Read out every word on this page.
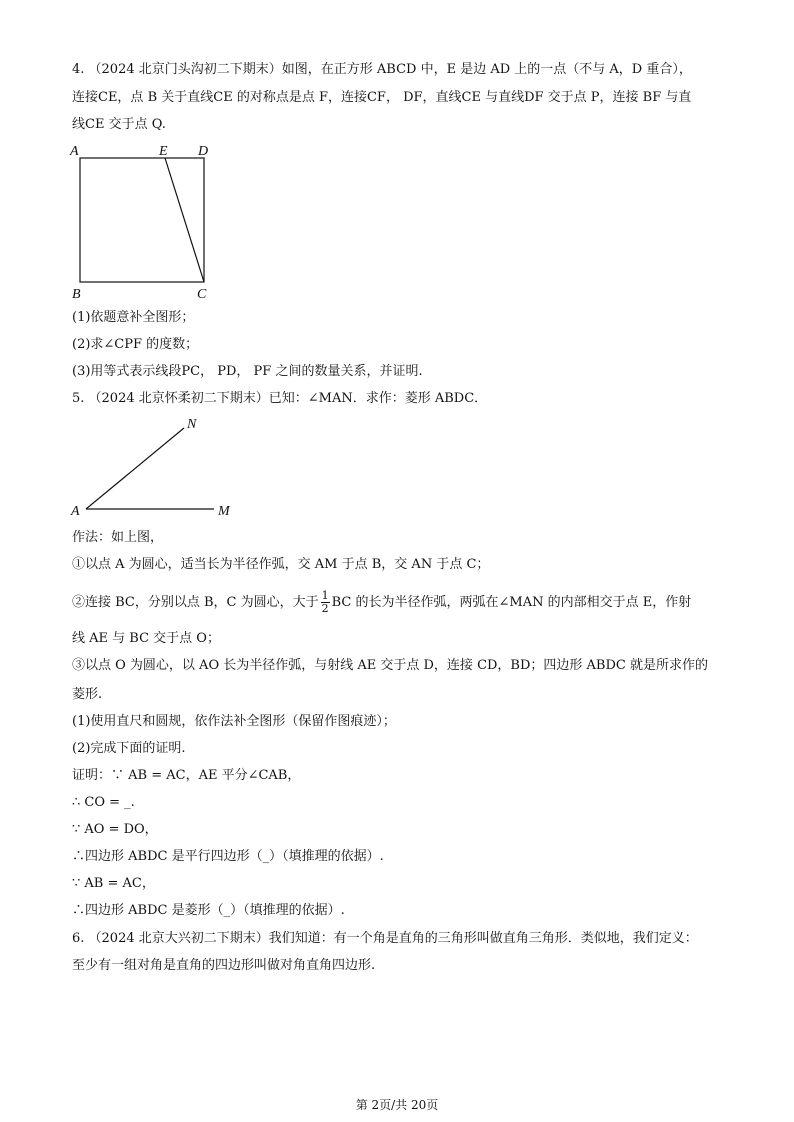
4. （2024 北京门头沟初二下期末）如图，在正方形 ABCD 中，E 是边 AD 上的一点（不与 A，D 重合），
连接CE，点 B 关于直线CE 的对称点是点 F，连接CF， DF，直线CE 与直线DF 交于点 P，连接 BF 与直
线CE 交于点 Q.
A	E D
B	C
(1)依题意补全图形；
(2)求∠CPF 的度数；
(3)用等式表示线段PC， PD， PF 之间的数量关系，并证明.
5. （2024 北京怀柔初二下期末）已知：∠MAN．求作：菱形 ABDC．
N
A	M
作法：如上图，
①以点 A 为圆心，适当长为半径作弧，交 AM 于点 B，交 AN 于点 C；
②连接 BC，分别以点 B，C 为圆心，大于 $\frac{1}{2}$ BC 的长为半径作弧，两弧在∠MAN 的内部相交于点 E，作射
线 AE 与 BC 交于点 O；
③以点 O 为圆心，以 AO 长为半径作弧，与射线 AE 交于点 D，连接 CD，BD；四边形 ABDC 就是所求作的
菱形.
(1)使用直尺和圆规，依作法补全图形（保留作图痕迹）；
(2)完成下面的证明.
证明：∵ AB = AC，AE 平分∠CAB，
∴ CO = _.
∵ AO = DO，
∴四边形 ABDC 是平行四边形（_）（填推理的依据）.
∵ AB = AC，
∴四边形 ABDC 是菱形（_）（填推理的依据）.
6. （2024 北京大兴初二下期末）我们知道：有一个角是直角的三角形叫做直角三角形．类似地，我们定义：
至少有一组对角是直角的四边形叫做对角直角四边形.
第 2页/共 20页
